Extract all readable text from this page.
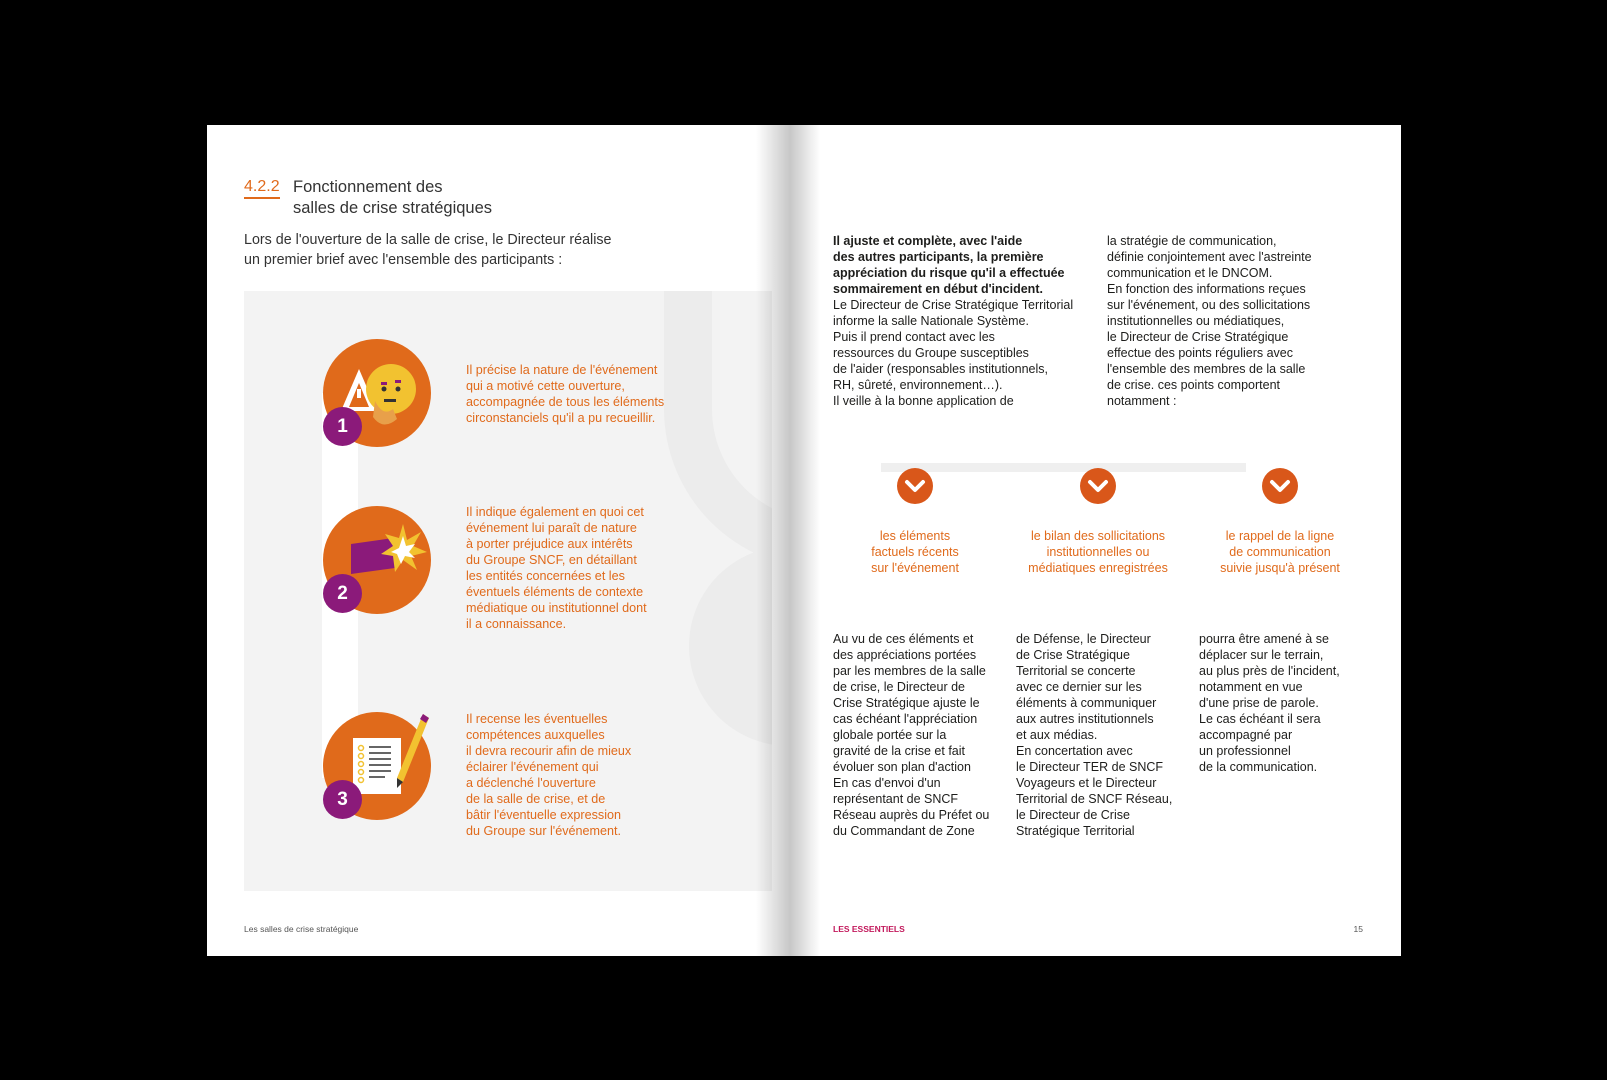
4.2.2 Fonctionnement des
salles de crise stratégiques
Lors de l'ouverture de la salle de crise, le Directeur réalise
un premier brief avec l'ensemble des participants :
1
Il précise la nature de l'événement
qui a motivé cette ouverture,
accompagnée de tous les éléments
circonstanciels qu'il a pu recueillir.
2
Il indique également en quoi cet
événement lui paraît de nature
à porter préjudice aux intérêts
du Groupe SNCF, en détaillant
les entités concernées et les
éventuels éléments de contexte
médiatique ou institutionnel dont
il a connaissance.
3
Il recense les éventuelles
compétences auxquelles
il devra recourir afin de mieux
éclairer l'événement qui
a déclenché l'ouverture
de la salle de crise, et de
bâtir l'éventuelle expression
du Groupe sur l'événement.
Les salles de crise stratégique
Il ajuste et complète, avec l'aide
des autres participants, la première
appréciation du risque qu'il a effectuée
sommairement en début d'incident.
Le Directeur de Crise Stratégique Territorial
informe la salle Nationale Système.
Puis il prend contact avec les
ressources du Groupe susceptibles
de l'aider (responsables institutionnels,
RH, sûreté, environnement…).
Il veille à la bonne application de
la stratégie de communication,
définie conjointement avec l'astreinte
communication et le DNCOM.
En fonction des informations reçues
sur l'événement, ou des sollicitations
institutionnelles ou médiatiques,
le Directeur de Crise Stratégique
effectue des points réguliers avec
l'ensemble des membres de la salle
de crise. ces points comportent
notamment :
les éléments
factuels récents
sur l'événement
le bilan des sollicitations
institutionnelles ou
médiatiques enregistrées
le rappel de la ligne
de communication
suivie jusqu'à présent
Au vu de ces éléments et
des appréciations portées
par les membres de la salle
de crise, le Directeur de
Crise Stratégique ajuste le
cas échéant l'appréciation
globale portée sur la
gravité de la crise et fait
évoluer son plan d'action
En cas d'envoi d'un
représentant de SNCF
Réseau auprès du Préfet ou
du Commandant de Zone
de Défense, le Directeur
de Crise Stratégique
Territorial se concerte
avec ce dernier sur les
éléments à communiquer
aux autres institutionnels
et aux médias.
En concertation avec
le Directeur TER de SNCF
Voyageurs et le Directeur
Territorial de SNCF Réseau,
le Directeur de Crise
Stratégique Territorial
pourra être amené à se
déplacer sur le terrain,
au plus près de l'incident,
notamment en vue
d'une prise de parole.
Le cas échéant il sera
accompagné par
un professionnel
de la communication.
LES ESSENTIELS	15
